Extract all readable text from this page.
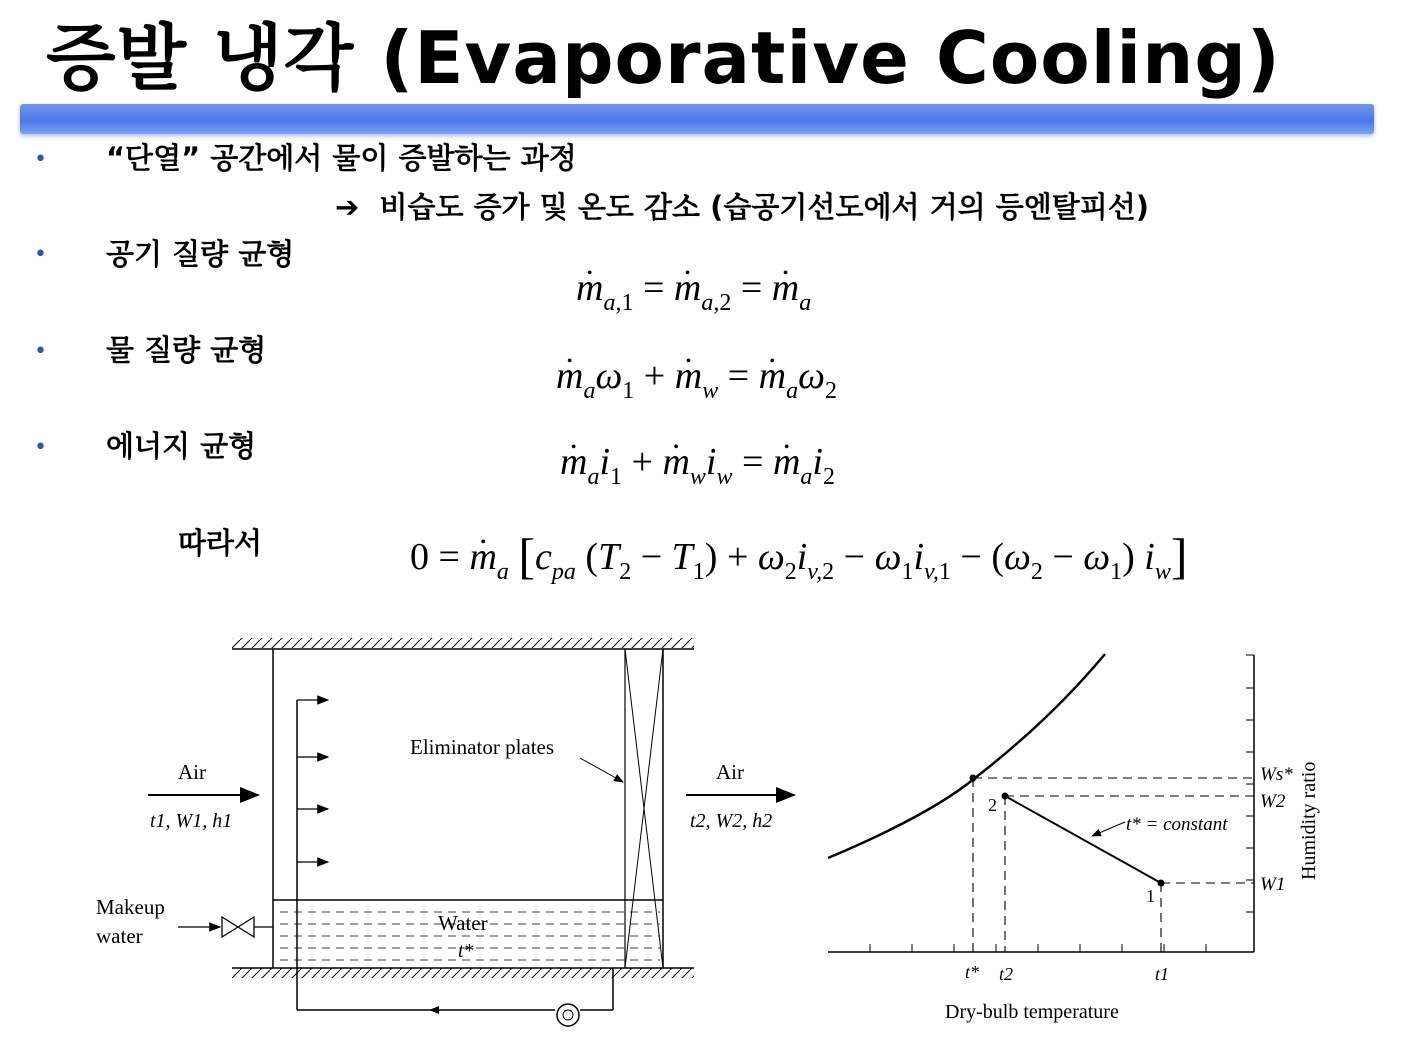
증발 냉각 (Evaporative Cooling)
• “단열” 공간에서 물이 증발하는 과정
➔ 비습도 증가 및 온도 감소 (습공기선도에서 거의 등엔탈피선)
• 공기 질량 균형
• $m_{a,1}$ = • $m_{a,2}$ = • $m_a$
• 물 질량 균형
• $m_a\omega_1$ + • $m_w$ = • $m_a\omega_2$
• 에너지 균형	• $m_ai_1$ + • $m_wi_w$ = • $m_ai_2$
따라서	0 = • $m_a$ [$c_{pa}$ $(T_2 - T_1) + \omega_2i_{v,2} - \omega_1i_{v,1} - (\omega_2 - \omega_1)$ $i_w$]
Air
t1, W1, h1
Air
t2, W2, h2
Eliminator plates
Makeup
water
Water
t*
2
1
t* = constant
Ws*
W2
W1
t* t2	t1
Dry-bulb temperature
Humidity ratio
